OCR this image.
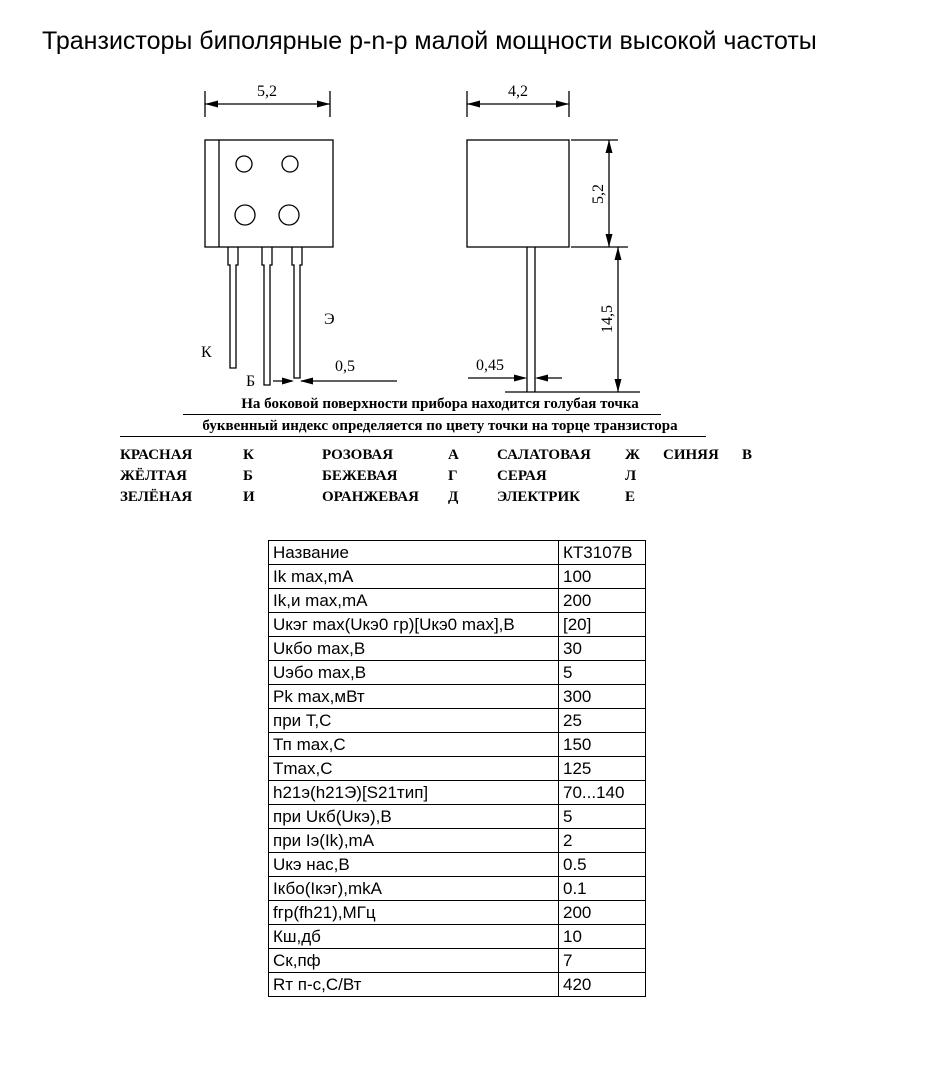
Транзисторы биполярные p-n-p малой мощности высокой частоты
5,2
К
Б
Э
0,5
4,2
5,2
14,5
0,45
На боковой поверхности прибора находится голубая точка
буквенный индекс определяется по цвету точки на торце транзистора
КРАСНАЯ	К	РОЗОВАЯ	А	САЛАТОВАЯ	Ж	СИНЯЯ	В
ЖЁЛТАЯ	Б	БЕЖЕВАЯ	Г	СЕРАЯ	Л
ЗЕЛЁНАЯ	И	ОРАНЖЕВАЯ	Д	ЭЛЕКТРИК	Е
Название	КТ3107В
Ik max,mA	100
Ik,и max,mA	200
Uкэг max(Uкэ0 гр)[Uкэ0 max],В	[20]
Uкбо max,В	30
Uэбо max,В	5
Pk max,мВт	300
при Т,С	25
Тп max,С	150
Tmax,С	125
h21э(h21Э)[S21тип]	70...140
при Uкб(Uкэ),В	5
при Iэ(Ik),mA	2
Uкэ нас,В	0.5
Iкбо(Iкэг),mkA	0.1
fгр(fh21),МГц	200
Кш,дб	10
Ск,пф	7
Rт п-с,С/Вт	420
